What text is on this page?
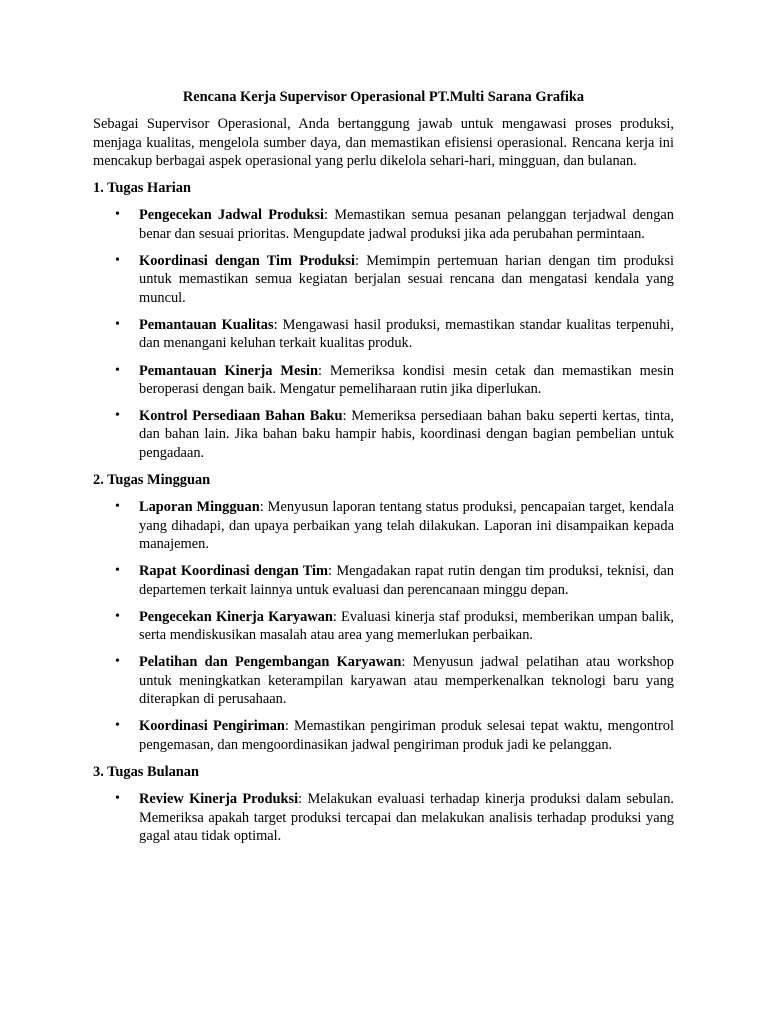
Rencana Kerja Supervisor Operasional PT.Multi Sarana Grafika

Sebagai Supervisor Operasional, Anda bertanggung jawab untuk mengawasi proses produksi, menjaga kualitas, mengelola sumber daya, dan memastikan efisiensi operasional. Rencana kerja ini mencakup berbagai aspek operasional yang perlu dikelola sehari-hari, mingguan, dan bulanan.

1. Tugas Harian

• Pengecekan Jadwal Produksi: Memastikan semua pesanan pelanggan terjadwal dengan benar dan sesuai prioritas. Mengupdate jadwal produksi jika ada perubahan permintaan.
• Koordinasi dengan Tim Produksi: Memimpin pertemuan harian dengan tim produksi untuk memastikan semua kegiatan berjalan sesuai rencana dan mengatasi kendala yang muncul.
• Pemantauan Kualitas: Mengawasi hasil produksi, memastikan standar kualitas terpenuhi, dan menangani keluhan terkait kualitas produk.
• Pemantauan Kinerja Mesin: Memeriksa kondisi mesin cetak dan memastikan mesin beroperasi dengan baik. Mengatur pemeliharaan rutin jika diperlukan.
• Kontrol Persediaan Bahan Baku: Memeriksa persediaan bahan baku seperti kertas, tinta, dan bahan lain. Jika bahan baku hampir habis, koordinasi dengan bagian pembelian untuk pengadaan.

2. Tugas Mingguan

• Laporan Mingguan: Menyusun laporan tentang status produksi, pencapaian target, kendala yang dihadapi, dan upaya perbaikan yang telah dilakukan. Laporan ini disampaikan kepada manajemen.
• Rapat Koordinasi dengan Tim: Mengadakan rapat rutin dengan tim produksi, teknisi, dan departemen terkait lainnya untuk evaluasi dan perencanaan minggu depan.
• Pengecekan Kinerja Karyawan: Evaluasi kinerja staf produksi, memberikan umpan balik, serta mendiskusikan masalah atau area yang memerlukan perbaikan.
• Pelatihan dan Pengembangan Karyawan: Menyusun jadwal pelatihan atau workshop untuk meningkatkan keterampilan karyawan atau memperkenalkan teknologi baru yang diterapkan di perusahaan.
• Koordinasi Pengiriman: Memastikan pengiriman produk selesai tepat waktu, mengontrol pengemasan, dan mengoordinasikan jadwal pengiriman produk jadi ke pelanggan.

3. Tugas Bulanan

• Review Kinerja Produksi: Melakukan evaluasi terhadap kinerja produksi dalam sebulan. Memeriksa apakah target produksi tercapai dan melakukan analisis terhadap produksi yang gagal atau tidak optimal.
